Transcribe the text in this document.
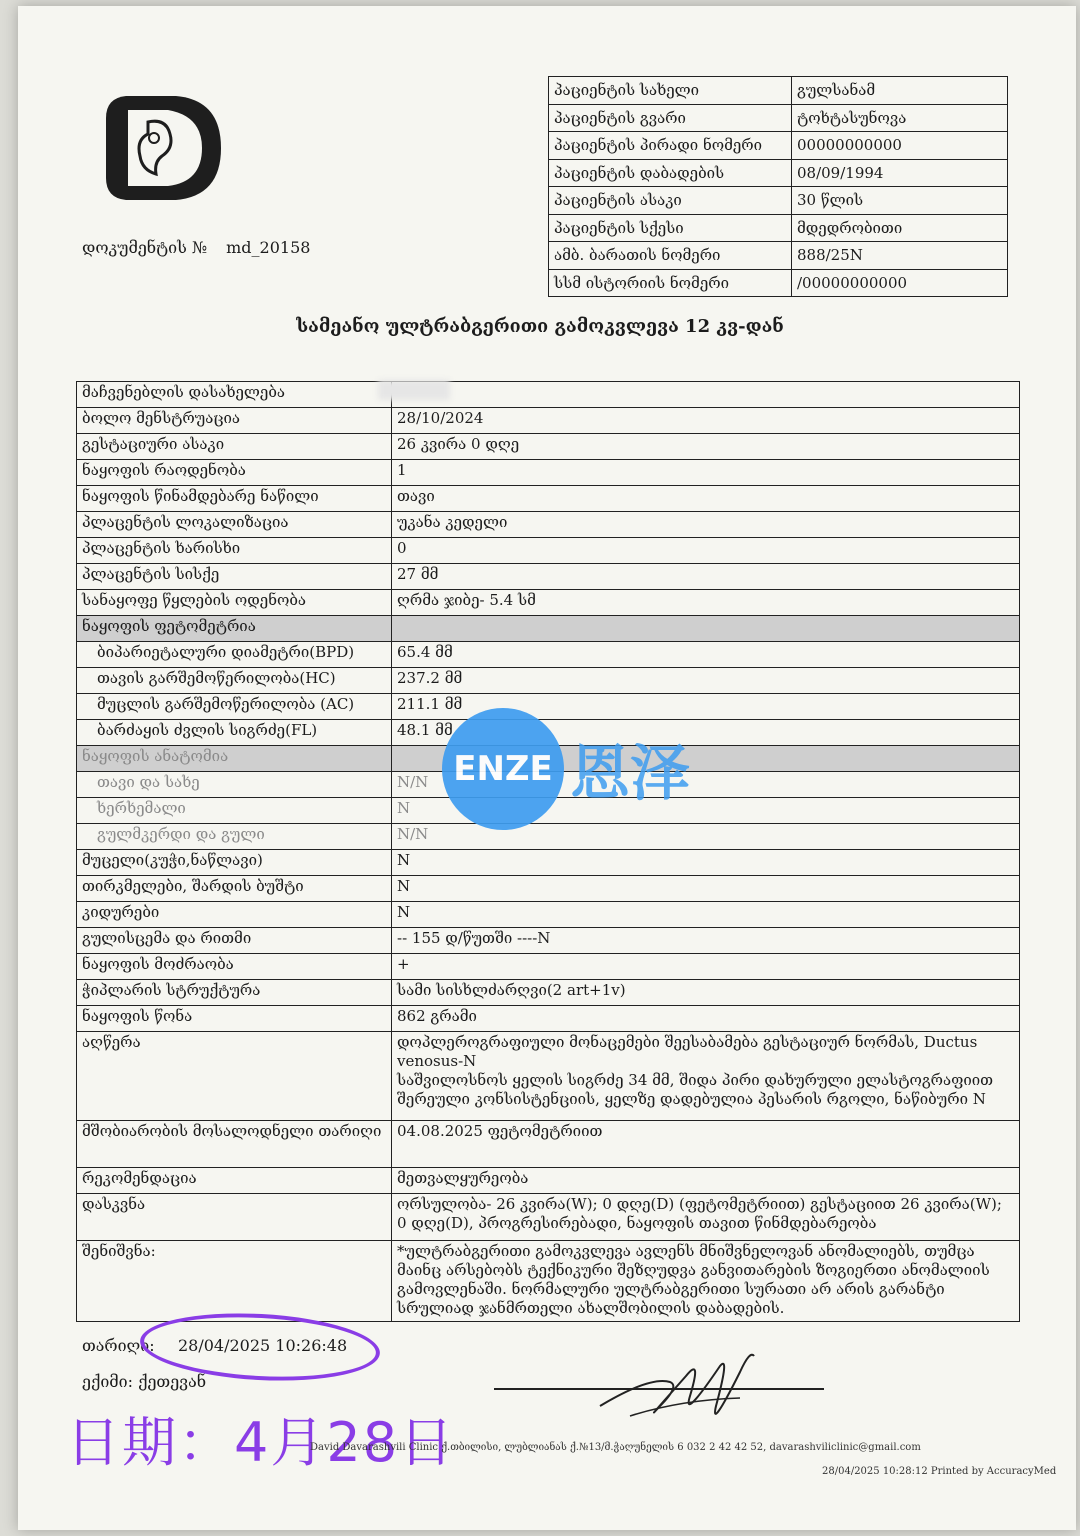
დოკუმენტის № md_20158
პაციენტის სახელი	გულსანამ
პაციენტის გვარი	ტოხტასუნოვა
პაციენტის პირადი ნომერი	00000000000
პაციენტის დაბადების	08/09/1994
პაციენტის ასაკი	30 წლის
პაციენტის სქესი	მდედრობითი
ამბ. ბარათის ნომერი	888/25N
სსმ ისტორიის ნომერი	/00000000000
სამეანო ულტრაბგერითი გამოკვლევა 12 კვ-დან
მაჩვენებლის დასახელება	
ბოლო მენსტრუაცია	28/10/2024
გესტაციური ასაკი	26 კვირა 0 დღე
ნაყოფის რაოდენობა	1
ნაყოფის წინამდებარე ნაწილი	თავი
პლაცენტის ლოკალიზაცია	უკანა კედელი
პლაცენტის ხარისხი	0
პლაცენტის სისქე	27 მმ
სანაყოფე წყლების ოდენობა	ღრმა ჯიბე- 5.4 სმ
ნაყოფის ფეტომეტრია	
ბიპარიეტალური დიამეტრი(BPD)	65.4 მმ
თავის გარშემოწერილობა(HC)	237.2 მმ
მუცლის გარშემოწერილობა (AC)	211.1 მმ
ბარძაყის ძვლის სიგრძე(FL)	48.1 მმ
ნაყოფის ანატომია	
თავი და სახე	N/N
ხერხემალი	N
გულმკერდი და გული	N/N
მუცელი(კუჭი,ნაწლავი)	N
თირკმელები, შარდის ბუშტი	N
კიდურები	N
გულისცემა და რითმი	-- 155 დ/წუთში ----N
ნაყოფის მოძრაობა	+
ჭიპლარის სტრუქტურა	სამი სისხლძარღვი(2 art+1v)
ნაყოფის წონა	862 გრამი
აღწერა	დოპლეროგრაფიული მონაცემები შეესაბამება გესტაციურ ნორმას, Ductus venosus-N
საშვილოსნოს ყელის სიგრძე 34 მმ, შიდა პირი დახურული ელასტოგრაფიით შერეული კონსისტენციის, ყელზე დადებულია პესარის რგოლი, ნაწიბური N

მშობიარობის მოსალოდნელი თარიღი	04.08.2025 ფეტომეტრიით
რეკომენდაცია	მეთვალყურეობა
დასკვნა	ორსულობა- 26 კვირა(W); 0 დღე(D) (ფეტომეტრიით) გესტაციით 26 კვირა(W); 0 დღე(D), პროგრესირებადი, ნაყოფის თავით წინმდებარეობა
შენიშვნა:	*ულტრაბგერითი გამოკვლევა ავლენს მნიშვნელოვან ანომალიებს, თუმცა მაინც არსებობს ტექნიკური შეზღუდვა განვითარების ზოგიერთი ანომალიის გამოვლენაში. ნორმალური ულტრაბგერითი სურათი არ არის გარანტი სრულიად ჯანმრთელი ახალშობილის დაბადების.
ENZE 恩泽
თარიღი: 28/04/2025 10:26:48
ექიმი: ქეთევან
日期：4月28日
David Davarashvili Clinic ქ.თბილისი, ლუბლიანას ქ.№13/მ.ჭაღუნელის 6 032 2 42 42 52, davarashviliclinic@gmail.com
28/04/2025 10:28:12 Printed by AccuracyMed
